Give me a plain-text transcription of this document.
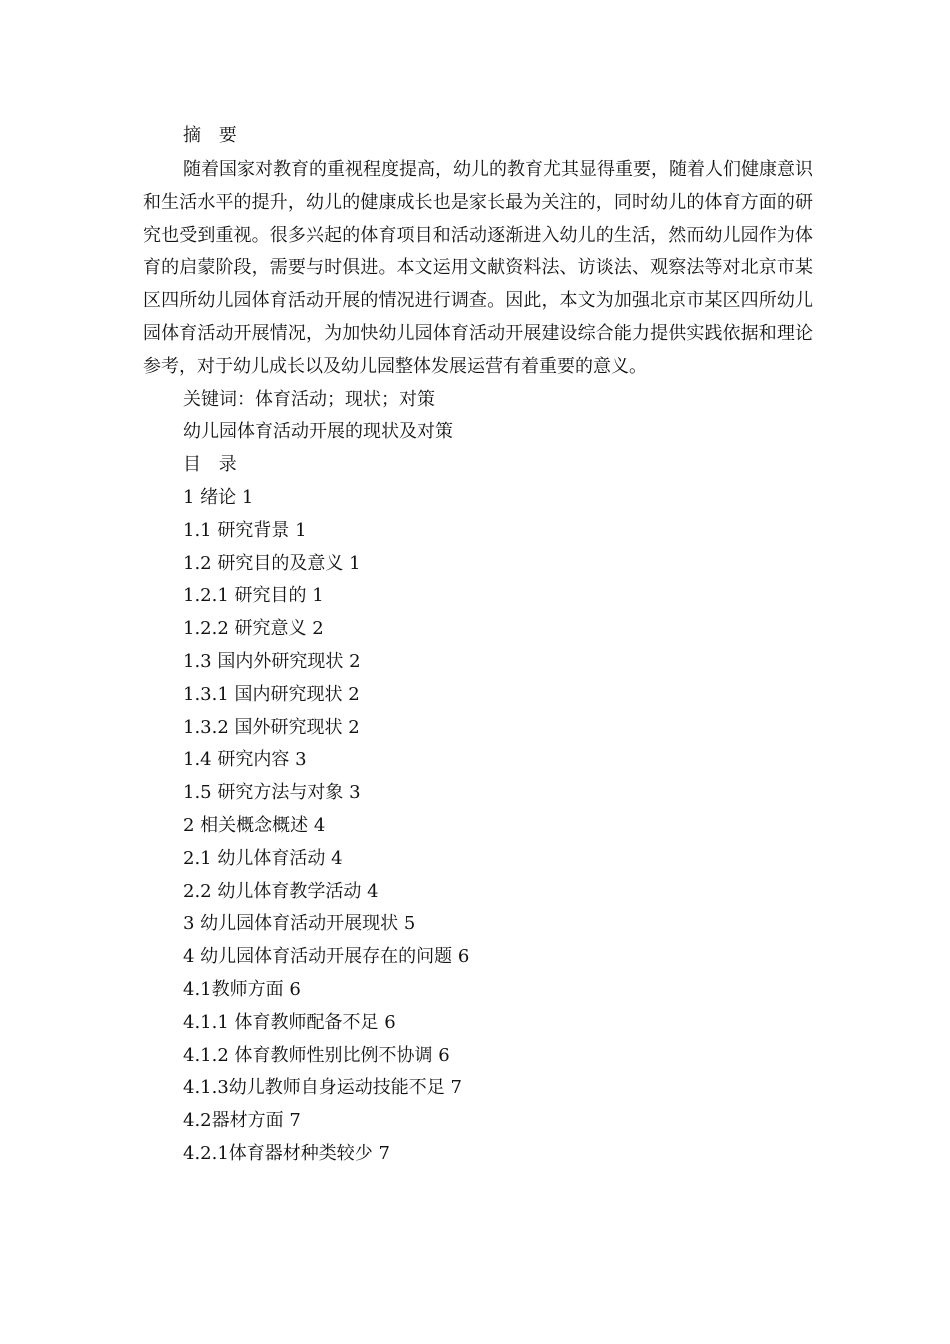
摘 要

随着国家对教育的重视程度提高，幼儿的教育尤其显得重要，随着人们健康意识和生活水平的提升，幼儿的健康成长也是家长最为关注的，同时幼儿的体育方面的研究也受到重视。很多兴起的体育项目和活动逐渐进入幼儿的生活，然而幼儿园作为体育的启蒙阶段，需要与时俱进。本文运用文献资料法、访谈法、观察法等对北京市某区四所幼儿园体育活动开展的情况进行调查。因此，本文为加强北京市某区四所幼儿园体育活动开展情况，为加快幼儿园体育活动开展建设综合能力提供实践依据和理论参考，对于幼儿成长以及幼儿园整体发展运营有着重要的意义。

关键词：体育活动；现状；对策

幼儿园体育活动开展的现状及对策

目 录

1 绪论 1

1.1 研究背景 1

1.2 研究目的及意义 1

1.2.1 研究目的 1

1.2.2 研究意义 2

1.3 国内外研究现状 2

1.3.1 国内研究现状 2

1.3.2 国外研究现状 2

1.4 研究内容 3

1.5 研究方法与对象 3

2 相关概念概述 4

2.1 幼儿体育活动 4

2.2 幼儿体育教学活动 4

3 幼儿园体育活动开展现状 5

4 幼儿园体育活动开展存在的问题 6

4.1教师方面 6

4.1.1 体育教师配备不足 6

4.1.2 体育教师性别比例不协调 6

4.1.3幼儿教师自身运动技能不足 7

4.2器材方面 7

4.2.1体育器材种类较少 7
